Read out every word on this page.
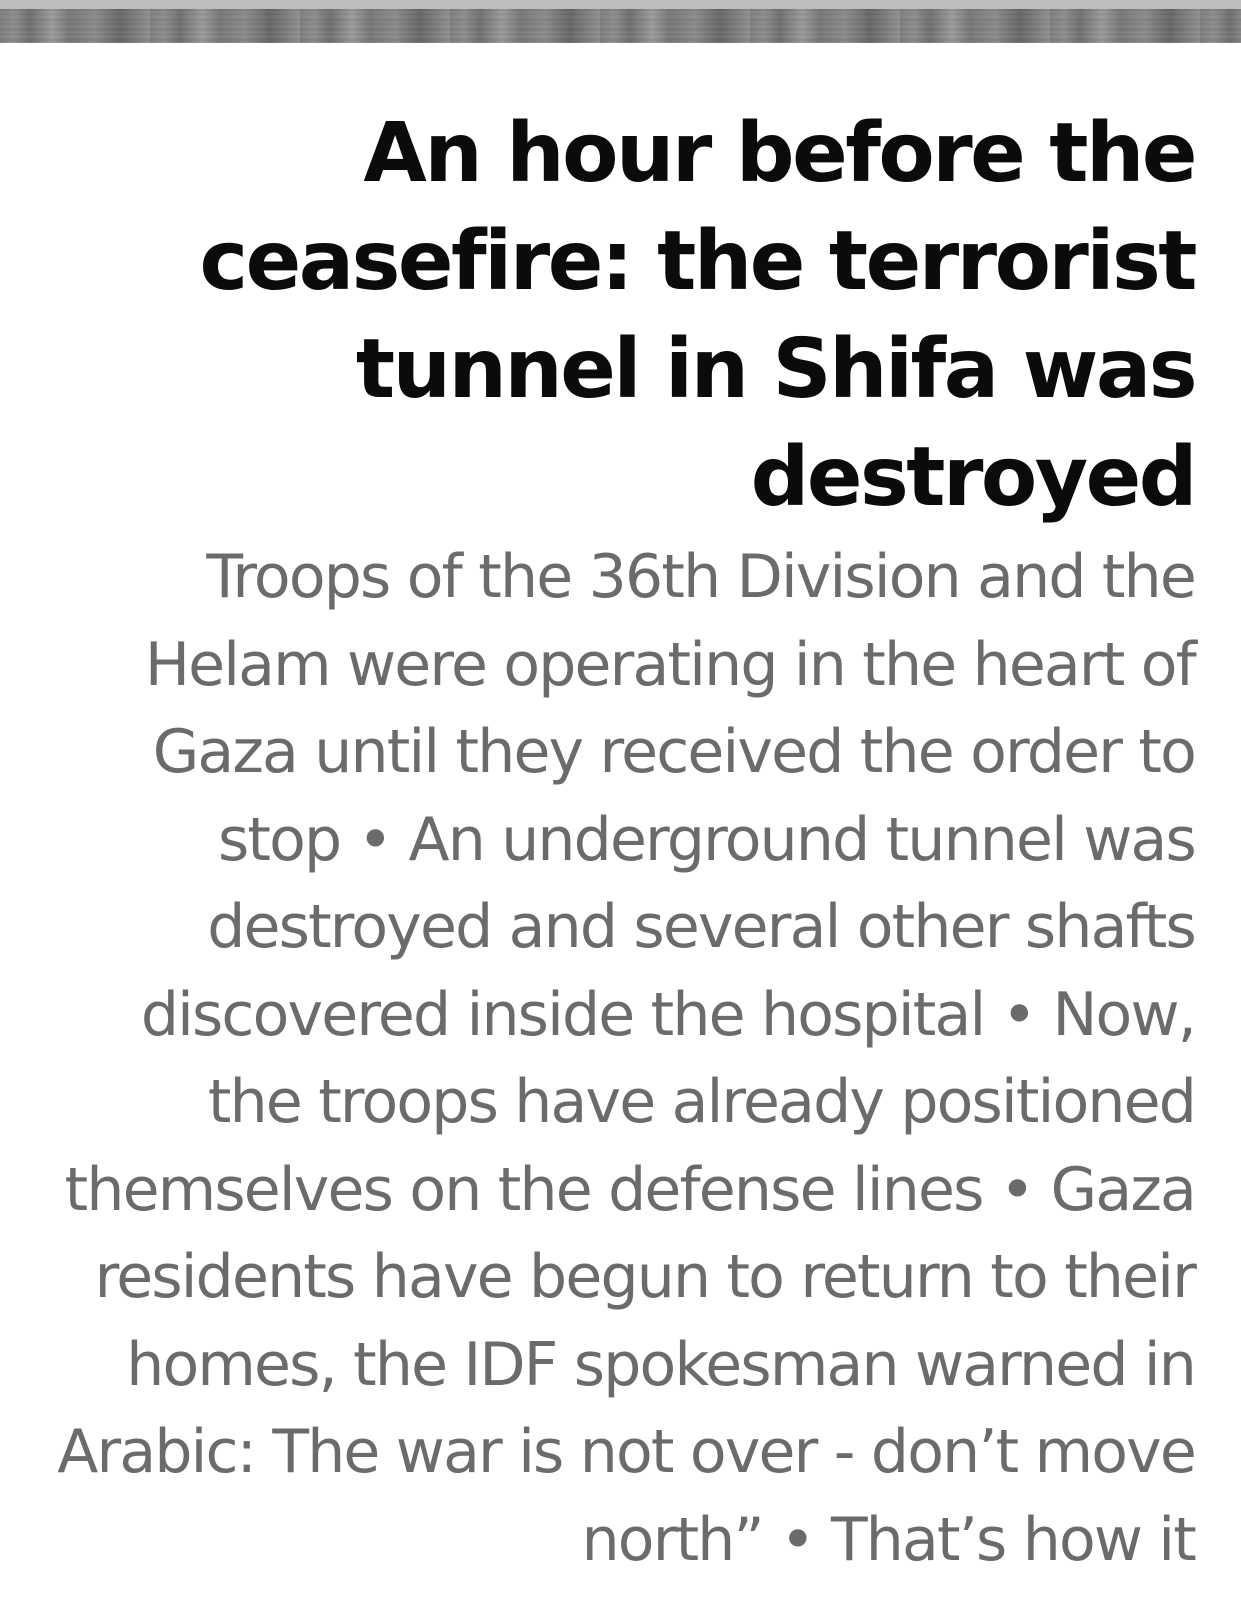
An hour before the ceasefire: the terrorist tunnel in Shifa was destroyed

Troops of the 36th Division and the Helam were operating in the heart of Gaza until they received the order to stop • An underground tunnel was destroyed and several other shafts discovered inside the hospital • Now, the troops have already positioned themselves on the defense lines • Gaza residents have begun to return to their homes, the IDF spokesman warned in Arabic: The war is not over - don’t move north” • That’s how it
